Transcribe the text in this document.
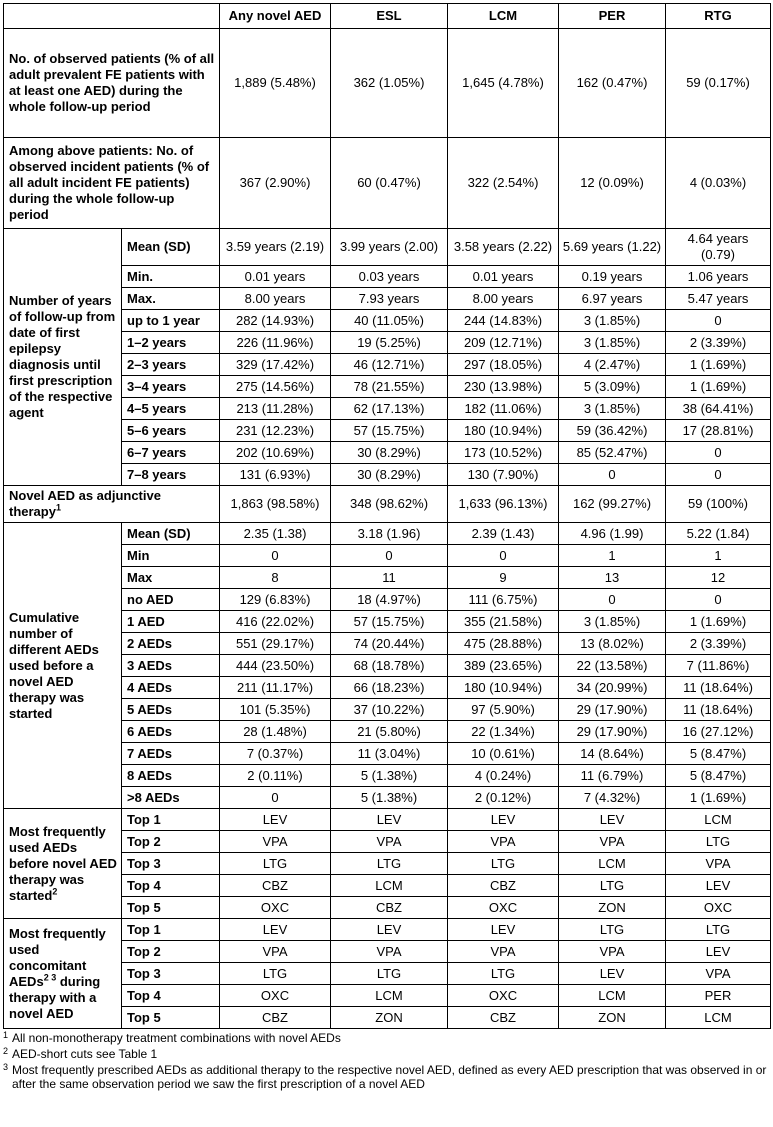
		Any novel AED	ESL	LCM	PER	RTG
No. of observed patients (% of all adult prevalent FE patients with at least one AED) during the whole follow-up period		1,889 (5.48%)	362 (1.05%)	1,645 (4.78%)	162 (0.47%)	59 (0.17%)
Among above patients: No. of observed incident patients (% of all adult incident FE patients) during the whole follow-up period		367 (2.90%)	60 (0.47%)	322 (2.54%)	12 (0.09%)	4 (0.03%)
Number of years of follow-up from date of first epilepsy diagnosis until first prescription of the respective agent	Mean (SD)	3.59 years (2.19)	3.99 years (2.00)	3.58 years (2.22)	5.69 years (1.22)	4.64 years (0.79)
	Min.	0.01 years	0.03 years	0.01 years	0.19 years	1.06 years
	Max.	8.00 years	7.93 years	8.00 years	6.97 years	5.47 years
	up to 1 year	282 (14.93%)	40 (11.05%)	244 (14.83%)	3 (1.85%)	0
	1–2 years	226 (11.96%)	19 (5.25%)	209 (12.71%)	3 (1.85%)	2 (3.39%)
	2–3 years	329 (17.42%)	46 (12.71%)	297 (18.05%)	4 (2.47%)	1 (1.69%)
	3–4 years	275 (14.56%)	78 (21.55%)	230 (13.98%)	5 (3.09%)	1 (1.69%)
	4–5 years	213 (11.28%)	62 (17.13%)	182 (11.06%)	3 (1.85%)	38 (64.41%)
	5–6 years	231 (12.23%)	57 (15.75%)	180 (10.94%)	59 (36.42%)	17 (28.81%)
	6–7 years	202 (10.69%)	30 (8.29%)	173 (10.52%)	85 (52.47%)	0
	7–8 years	131 (6.93%)	30 (8.29%)	130 (7.90%)	0	0
Novel AED as adjunctive therapy$^1$		1,863 (98.58%)	348 (98.62%)	1,633 (96.13%)	162 (99.27%)	59 (100%)
Cumulative number of different AEDs used before a novel AED therapy was started	Mean (SD)	2.35 (1.38)	3.18 (1.96)	2.39 (1.43)	4.96 (1.99)	5.22 (1.84)
	Min	0	0	0	1	1
	Max	8	11	9	13	12
	no AED	129 (6.83%)	18 (4.97%)	111 (6.75%)	0	0
	1 AED	416 (22.02%)	57 (15.75%)	355 (21.58%)	3 (1.85%)	1 (1.69%)
	2 AEDs	551 (29.17%)	74 (20.44%)	475 (28.88%)	13 (8.02%)	2 (3.39%)
	3 AEDs	444 (23.50%)	68 (18.78%)	389 (23.65%)	22 (13.58%)	7 (11.86%)
	4 AEDs	211 (11.17%)	66 (18.23%)	180 (10.94%)	34 (20.99%)	11 (18.64%)
	5 AEDs	101 (5.35%)	37 (10.22%)	97 (5.90%)	29 (17.90%)	11 (18.64%)
	6 AEDs	28 (1.48%)	21 (5.80%)	22 (1.34%)	29 (17.90%)	16 (27.12%)
	7 AEDs	7 (0.37%)	11 (3.04%)	10 (0.61%)	14 (8.64%)	5 (8.47%)
	8 AEDs	2 (0.11%)	5 (1.38%)	4 (0.24%)	11 (6.79%)	5 (8.47%)
	>8 AEDs	0	5 (1.38%)	2 (0.12%)	7 (4.32%)	1 (1.69%)
Most frequently used AEDs before novel AED therapy was started$^2$	Top 1	LEV	LEV	LEV	LEV	LCM
	Top 2	VPA	VPA	VPA	VPA	LTG
	Top 3	LTG	LTG	LTG	LCM	VPA
	Top 4	CBZ	LCM	CBZ	LTG	LEV
	Top 5	OXC	CBZ	OXC	ZON	OXC
Most frequently used concomitant AEDs$^{2 3}$ during therapy with a novel AED	Top 1	LEV	LEV	LEV	LTG	LTG
	Top 2	VPA	VPA	VPA	VPA	LEV
	Top 3	LTG	LTG	LTG	LEV	VPA
	Top 4	OXC	LCM	OXC	LCM	PER
	Top 5	CBZ	ZON	CBZ	ZON	LCM
1 All non-monotherapy treatment combinations with novel AEDs
2 AED-short cuts see Table 1
3 Most frequently prescribed AEDs as additional therapy to the respective novel AED, defined as every AED prescription that was observed in or after the same observation period we saw the first prescription of a novel AED
